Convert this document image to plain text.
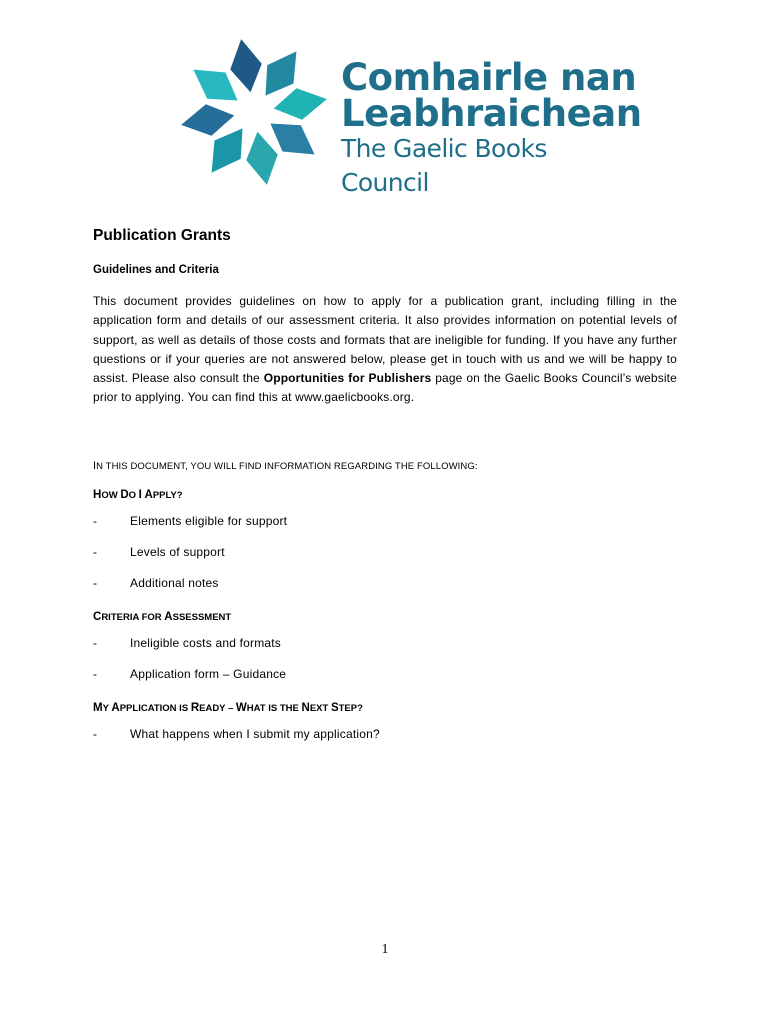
Comhairle nan
Leabhraichean
The Gaelic Books Council
Publication Grants
Guidelines and Criteria

This document provides guidelines on how to apply for a publication grant, including filling in the application form and details of our assessment criteria. It also provides information on potential levels of support, as well as details of those costs and formats that are ineligible for funding. If you have any further questions or if your queries are not answered below, please get in touch with us and we will be happy to assist. Please also consult the Opportunities for Publishers page on the Gaelic Books Council’s website prior to applying. You can find this at www.gaelicbooks.org.

IN THIS DOCUMENT, YOU WILL FIND INFORMATION REGARDING THE FOLLOWING:

HOW DO I APPLY?

-	Elements eligible for support
-	Levels of support
-	Additional notes

CRITERIA FOR ASSESSMENT

-	Ineligible costs and formats
-	Application form – Guidance

MY APPLICATION IS READY – WHAT IS THE NEXT STEP?

-	What happens when I submit my application?
1
